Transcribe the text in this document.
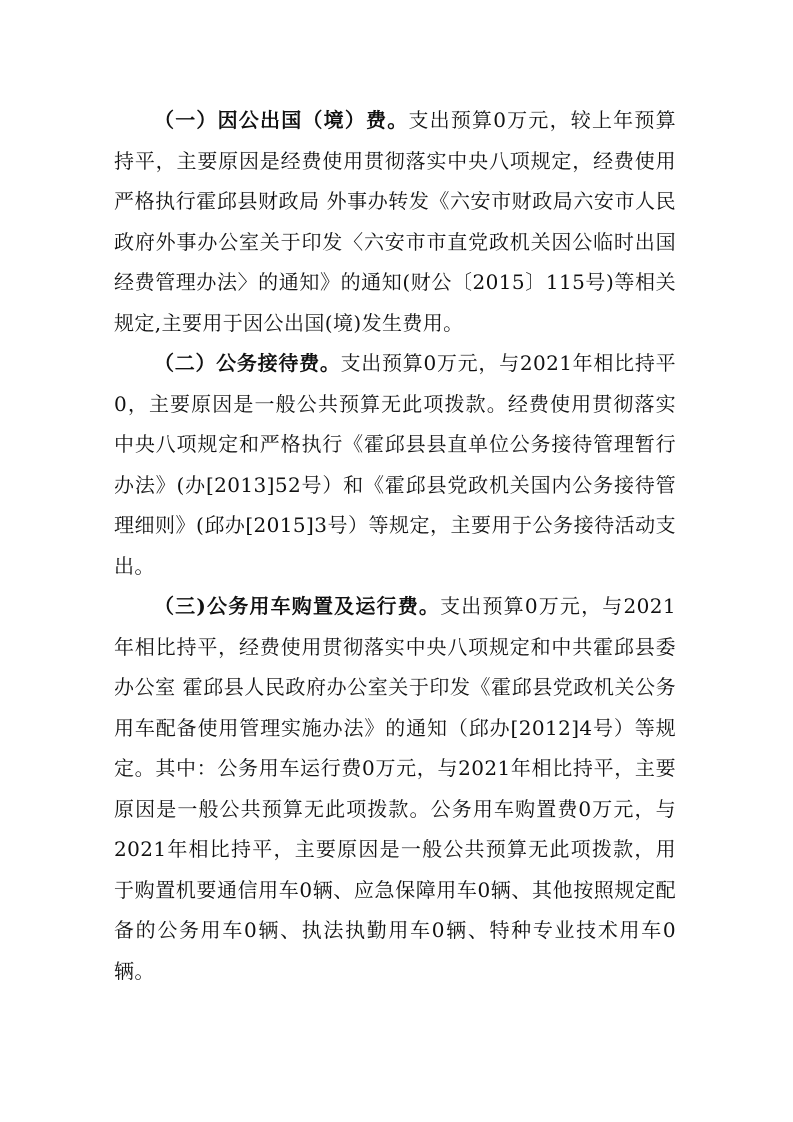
（一）因公出国（境）费。支出预算0万元，较上年预算持平，主要原因是经费使用贯彻落实中央八项规定，经费使用严格执行霍邱县财政局 外事办转发《六安市财政局六安市人民政府外事办公室关于印发〈六安市市直党政机关因公临时出国经费管理办法〉的通知》的通知(财公〔2015〕115号)等相关规定,主要用于因公出国(境)发生费用。

（二）公务接待费。支出预算0万元，与2021年相比持平0，主要原因是一般公共预算无此项拨款。经费使用贯彻落实中央八项规定和严格执行《霍邱县县直单位公务接待管理暂行办法》(办[2013]52号）和《霍邱县党政机关国内公务接待管理细则》(邱办[2015]3号）等规定，主要用于公务接待活动支出。

（三)公务用车购置及运行费。支出预算0万元，与2021年相比持平，经费使用贯彻落实中央八项规定和中共霍邱县委办公室 霍邱县人民政府办公室关于印发《霍邱县党政机关公务用车配备使用管理实施办法》的通知（邱办[2012]4号）等规定。其中：公务用车运行费0万元，与2021年相比持平，主要原因是一般公共预算无此项拨款。公务用车购置费0万元，与2021年相比持平，主要原因是一般公共预算无此项拨款，用于购置机要通信用车0辆、应急保障用车0辆、其他按照规定配备的公务用车0辆、执法执勤用车0辆、特种专业技术用车0辆。
